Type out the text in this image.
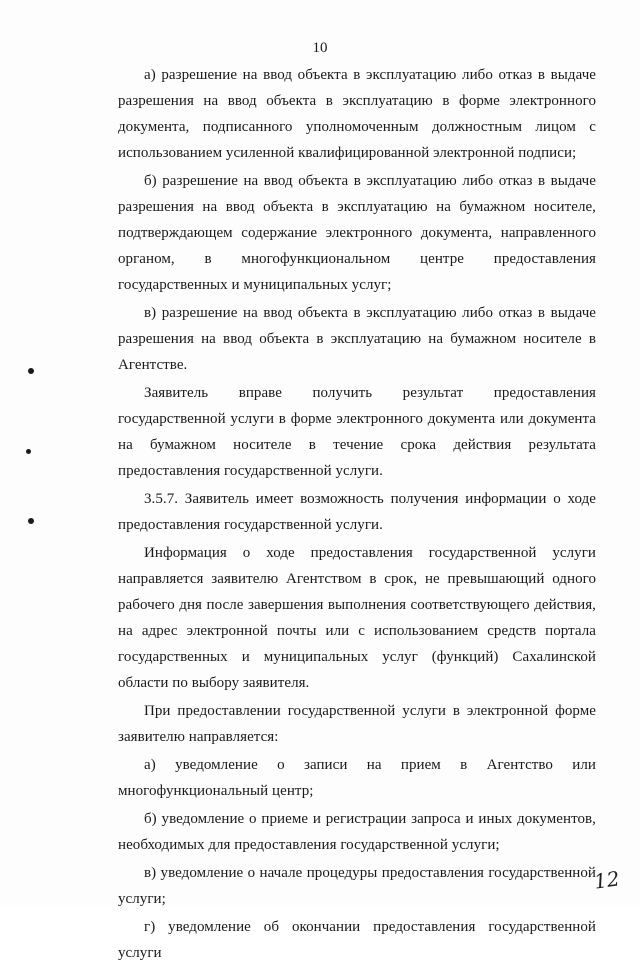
10

а) разрешение на ввод объекта в эксплуатацию либо отказ в выдаче разрешения на ввод объекта в эксплуатацию в форме электронного документа, подписанного уполномоченным должностным лицом с использованием усиленной квалифицированной электронной подписи;

б) разрешение на ввод объекта в эксплуатацию либо отказ в выдаче разрешения на ввод объекта в эксплуатацию на бумажном носителе, подтверждающем содержание электронного документа, направленного органом, в многофункциональном центре предоставления государственных и муниципальных услуг;

в) разрешение на ввод объекта в эксплуатацию либо отказ в выдаче разрешения на ввод объекта в эксплуатацию на бумажном носителе в Агентстве.

Заявитель вправе получить результат предоставления государственной услуги в форме электронного документа или документа на бумажном носителе в течение срока действия результата предоставления государственной услуги.

3.5.7. Заявитель имеет возможность получения информации о ходе предоставления государственной услуги.

Информация о ходе предоставления государственной услуги направляется заявителю Агентством в срок, не превышающий одного рабочего дня после завершения выполнения соответствующего действия, на адрес электронной почты или с использованием средств портала государственных и муниципальных услуг (функций) Сахалинской области по выбору заявителя.

При предоставлении государственной услуги в электронной форме заявителю направляется:

а) уведомление о записи на прием в Агентство или многофункциональный центр;

б) уведомление о приеме и регистрации запроса и иных документов, необходимых для предоставления государственной услуги;

в) уведомление о начале процедуры предоставления государственной услуги;

г) уведомление об окончании предоставления государственной услуги

12
